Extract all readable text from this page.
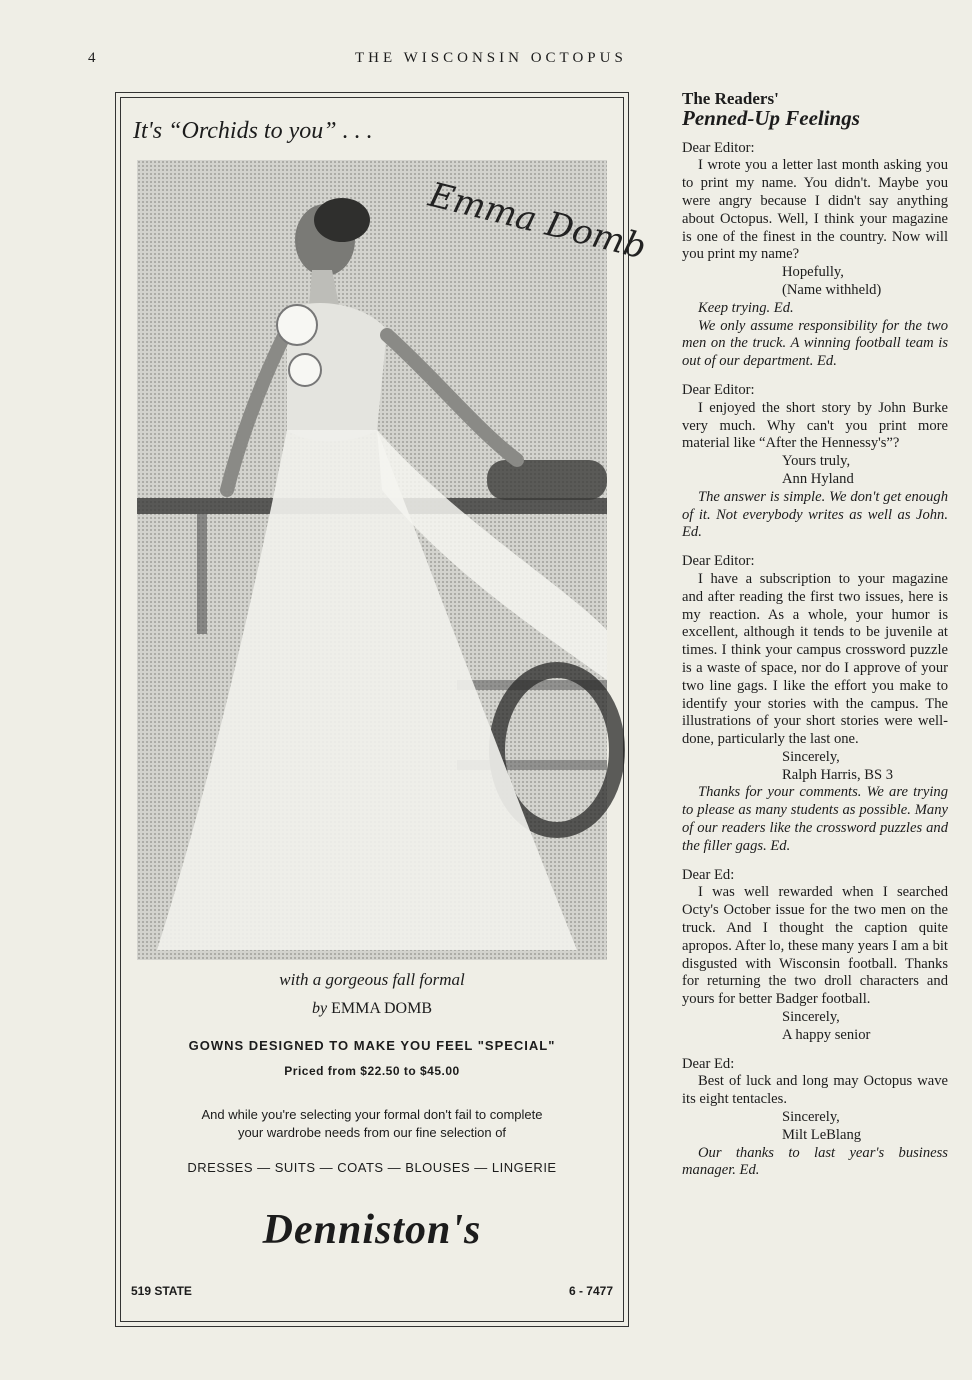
4	THE WISCONSIN OCTOPUS
It's “Orchids to you” . . .
Emma Domb
with a gorgeous fall formal
by EMMA DOMB
GOWNS DESIGNED TO MAKE YOU FEEL "SPECIAL"
Priced from $22.50 to $45.00
And while you're selecting your formal don't fail to complete
your wardrobe needs from our fine selection of
DRESSES — SUITS — COATS — BLOUSES — LINGERIE
Denniston's
519 STATE	6 - 7477
The Readers'
Penned-Up Feelings

Dear Editor:

I wrote you a letter last month asking you to print my name. You didn't. Maybe you were angry because I didn't say anything about Octopus. Well, I think your magazine is one of the finest in the country. Now will you print my name?

Hopefully,

(Name withheld)

Keep trying. Ed.

We only assume responsibility for the two men on the truck. A winning football team is out of our department. Ed.

Dear Editor:

I enjoyed the short story by John Burke very much. Why can't you print more material like “After the Hennessy's”?

Yours truly,

Ann Hyland

The answer is simple. We don't get enough of it. Not everybody writes as well as John. Ed.

Dear Editor:

I have a subscription to your magazine and after reading the first two issues, here is my reaction. As a whole, your humor is excellent, although it tends to be juvenile at times. I think your campus crossword puzzle is a waste of space, nor do I approve of your two line gags. I like the effort you make to identify your stories with the campus. The illustrations of your short stories were well-done, particularly the last one.

Sincerely,

Ralph Harris, BS 3

Thanks for your comments. We are trying to please as many students as possible. Many of our readers like the crossword puzzles and the filler gags. Ed.

Dear Ed:

I was well rewarded when I searched Octy's October issue for the two men on the truck. And I thought the caption quite apropos. After lo, these many years I am a bit disgusted with Wisconsin football. Thanks for returning the two droll characters and yours for better Badger football.

Sincerely,

A happy senior

Dear Ed:

Best of luck and long may Octopus wave its eight tentacles.

Sincerely,

Milt LeBlang

Our thanks to last year's business manager. Ed.
